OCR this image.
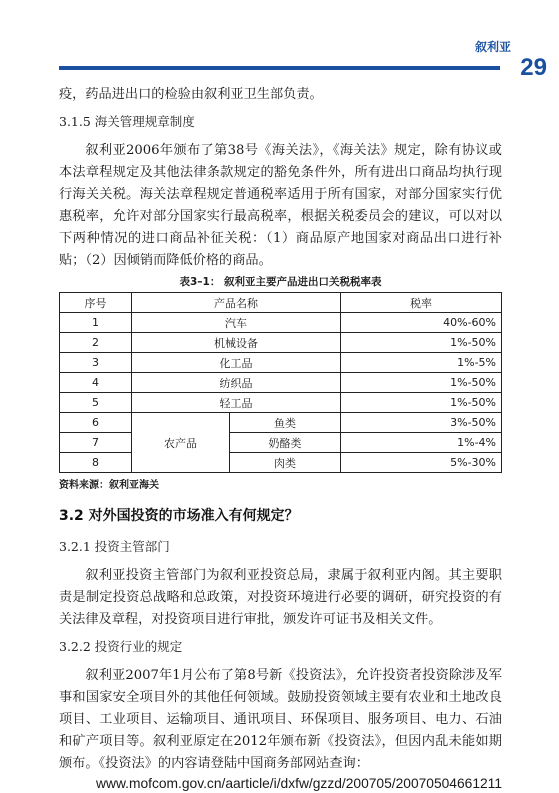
叙利亚
29

疫，药品进出口的检验由叙利亚卫生部负责。

3.1.5 海关管理规章制度

叙利亚2006年颁布了第38号《海关法》，《海关法》规定，除有协议或本法章程规定及其他法律条款规定的豁免条件外，所有进出口商品均执行现行海关关税。海关法章程规定普通税率适用于所有国家，对部分国家实行优惠税率，允许对部分国家实行最高税率，根据关税委员会的建议，可以对以下两种情况的进口商品补征关税：（1）商品原产地国家对商品出口进行补贴；（2）因倾销而降低价格的商品。

表3–1： 叙利亚主要产品进出口关税税率表
序号	产品名称		税率
1	汽车		40%-60%
2	机械设备		1%-50%
3	化工品		1%-5%
4	纺织品		1%-50%
5	轻工品		1%-50%
6	农产品	鱼类	3%-50%
7		奶酪类	1%-4%
8		肉类	5%-30%
资料来源：叙利亚海关
3.2 对外国投资的市场准入有何规定？
3.2.1 投资主管部门

叙利亚投资主管部门为叙利亚投资总局，隶属于叙利亚内阁。其主要职责是制定投资总战略和总政策，对投资环境进行必要的调研，研究投资的有关法律及章程，对投资项目进行审批，颁发许可证书及相关文件。

3.2.2 投资行业的规定

叙利亚2007年1月公布了第8号新《投资法》，允许投资者投资除涉及军事和国家安全项目外的其他任何领域。鼓励投资领域主要有农业和土地改良项目、工业项目、运输项目、通讯项目、环保项目、服务项目、电力、石油和矿产项目等。叙利亚原定在2012年颁布新《投资法》，但因内乱未能如期颁布。《投资法》的内容请登陆中国商务部网站查询：

www.mofcom.gov.cn/aarticle/i/dxfw/gzzd/200705/20070504661211
